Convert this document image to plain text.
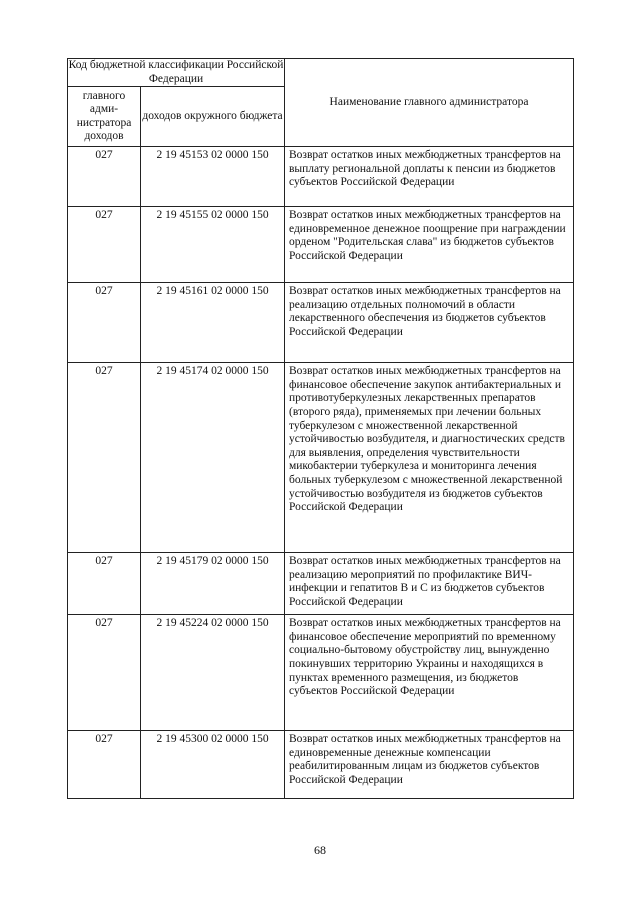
Код бюджетной классификации Российской Федерации		Наименование главного администратора
главного адми-нистратора доходов	доходов окружного бюджета	
027	2 19 45153 02 0000 150	Возврат остатков иных межбюджетных трансфертов на выплату региональной доплаты к пенсии из бюджетов субъектов Российской Федерации
027	2 19 45155 02 0000 150	Возврат остатков иных межбюджетных трансфертов на единовременное денежное поощрение при награждении орденом "Родительская слава" из бюджетов субъектов Российской Федерации
027	2 19 45161 02 0000 150	Возврат остатков иных межбюджетных трансфертов на реализацию отдельных полномочий в области лекарственного обеспечения из бюджетов субъектов Российской Федерации
027	2 19 45174 02 0000 150	Возврат остатков иных межбюджетных трансфертов на финансовое обеспечение закупок антибактериальных и противотуберкулезных лекарственных препаратов (второго ряда), применяемых при лечении больных туберкулезом с множественной лекарственной устойчивостью возбудителя, и диагностических средств для выявления, определения чувствительности микобактерии туберкулеза и мониторинга лечения больных туберкулезом с множественной лекарственной устойчивостью возбудителя из бюджетов субъектов Российской Федерации
027	2 19 45179 02 0000 150	Возврат остатков иных межбюджетных трансфертов на реализацию мероприятий по профилактике ВИЧ-инфекции и гепатитов В и С из бюджетов субъектов Российской Федерации
027	2 19 45224 02 0000 150	Возврат остатков иных межбюджетных трансфертов на финансовое обеспечение мероприятий по временному социально-бытовому обустройству лиц, вынужденно покинувших территорию Украины и находящихся в пунктах временного размещения, из бюджетов субъектов Российской Федерации
027	2 19 45300 02 0000 150	Возврат остатков иных межбюджетных трансфертов на единовременные денежные компенсации реабилитированным лицам из бюджетов субъектов Российской Федерации
68
